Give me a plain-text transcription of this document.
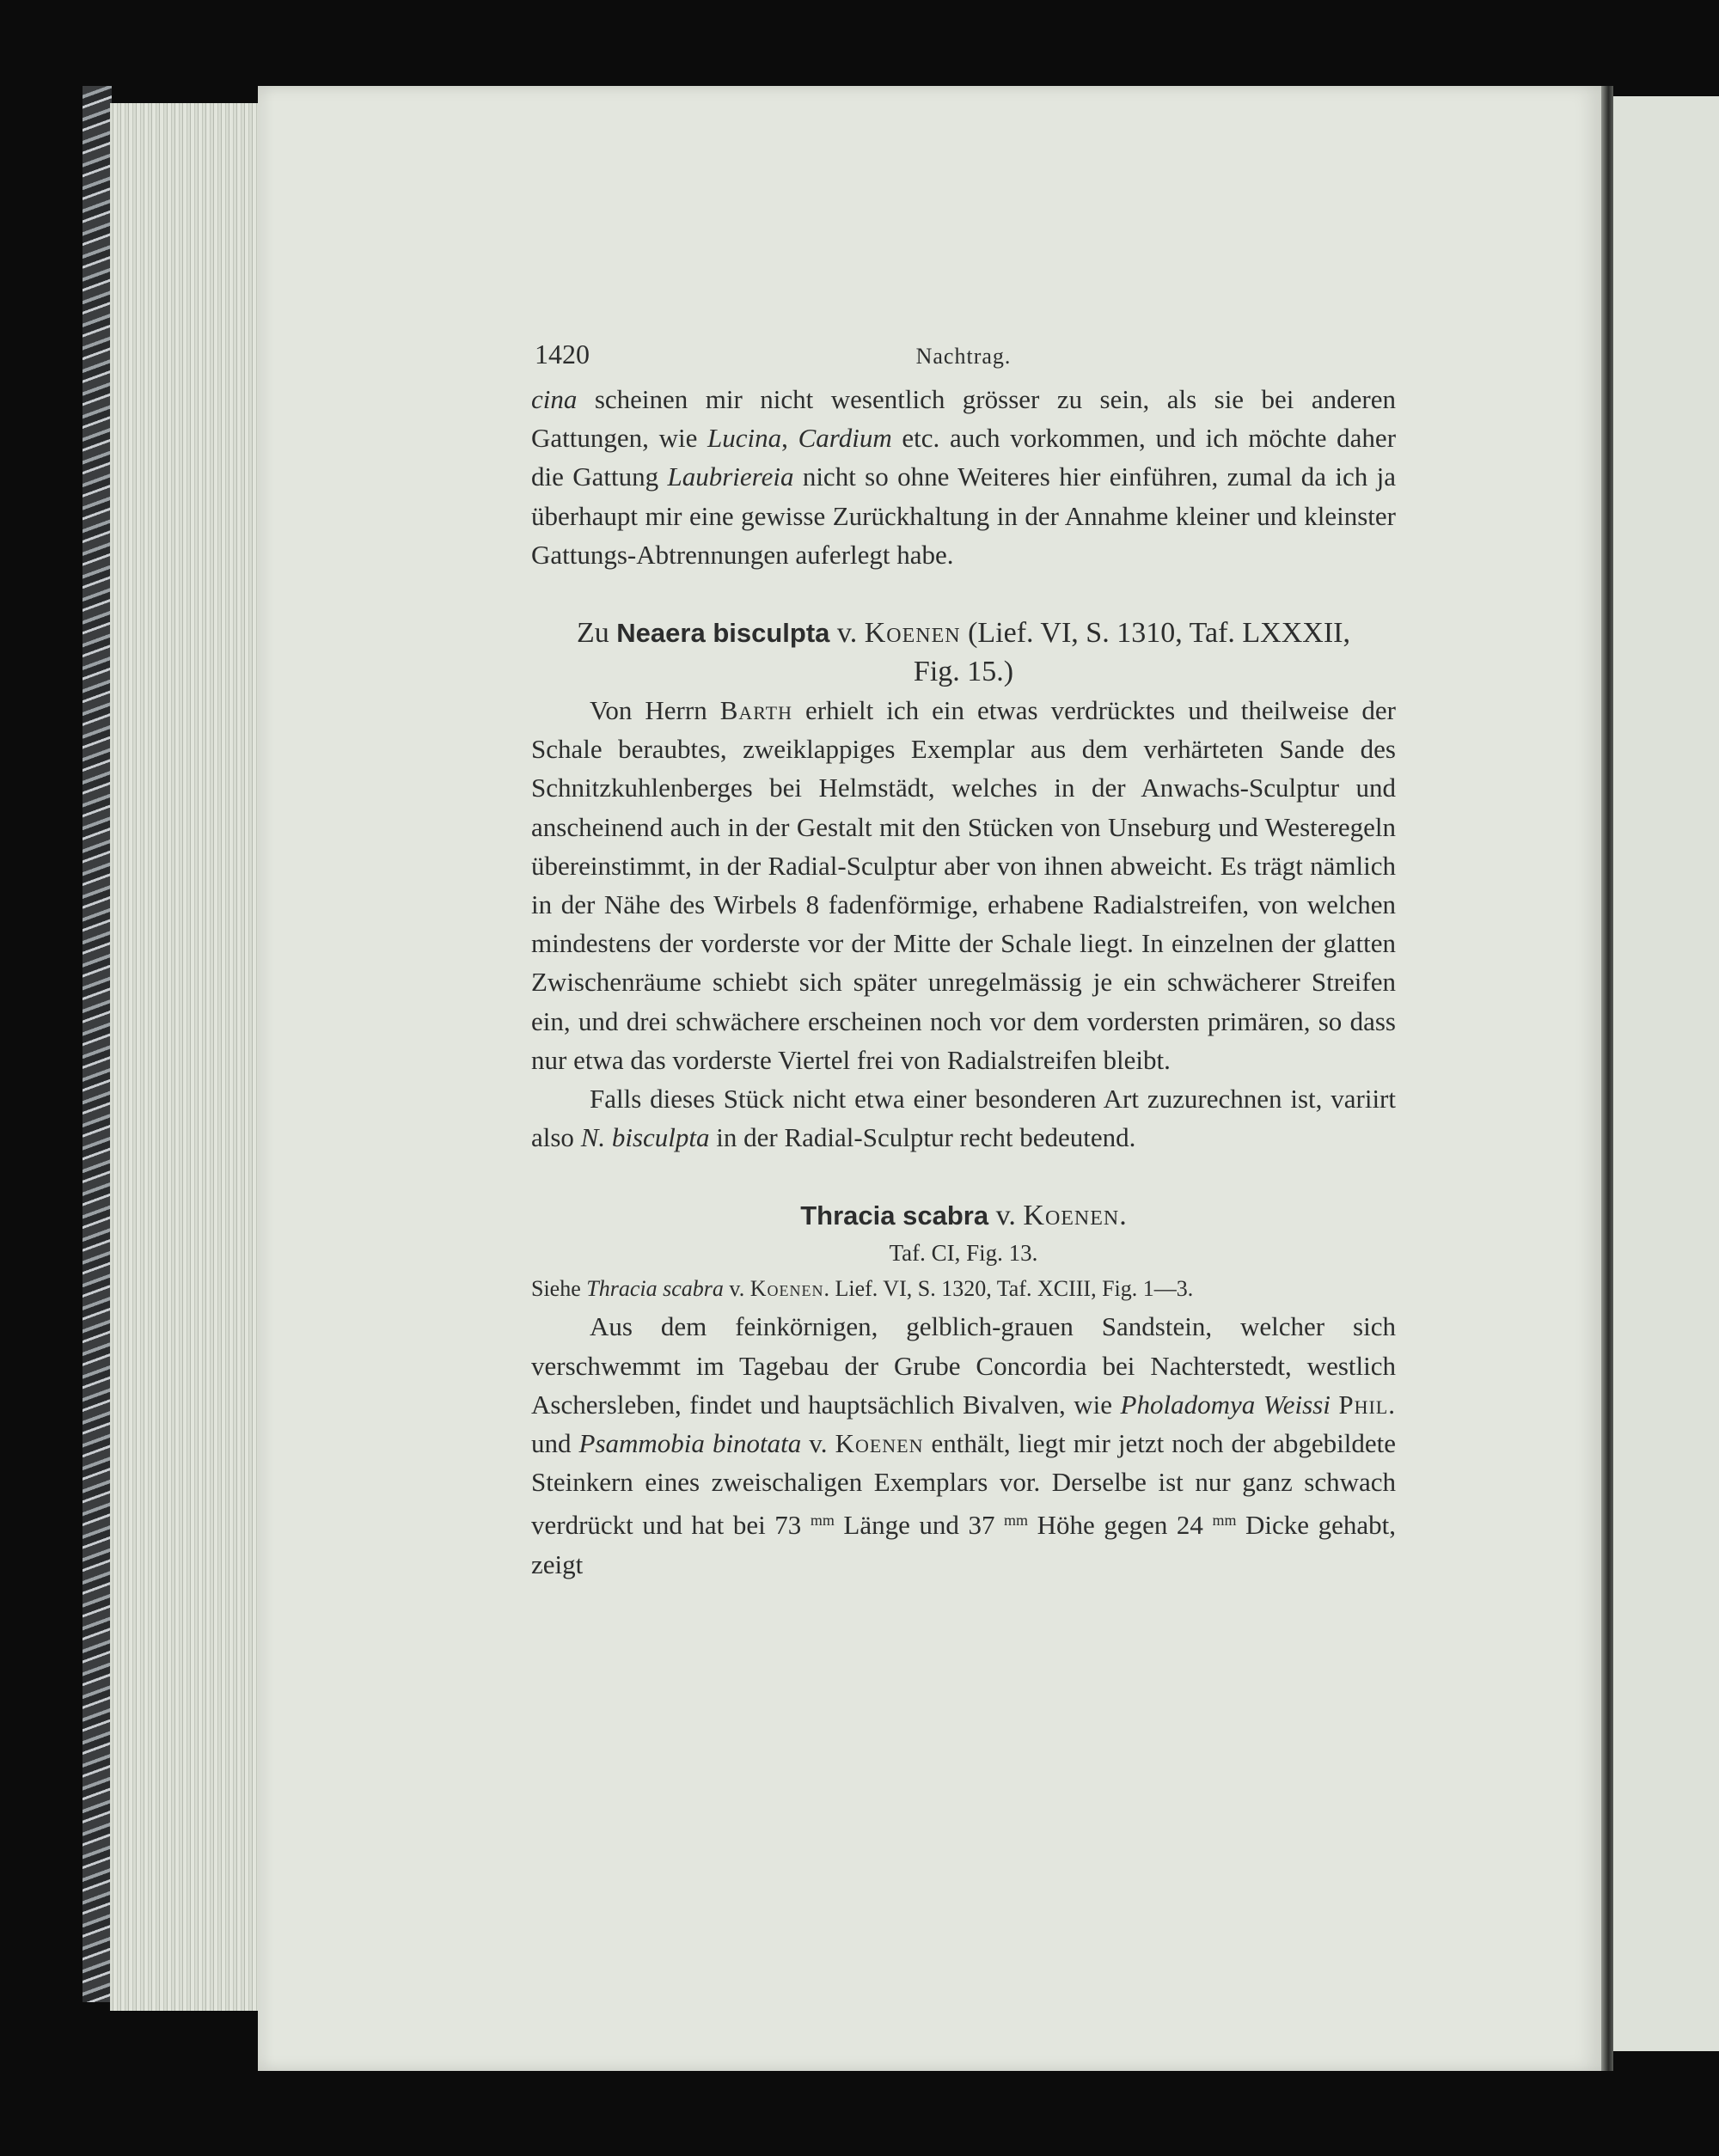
1420	Nachtrag.

cina scheinen mir nicht wesentlich grösser zu sein, als sie bei anderen Gattungen, wie Lucina, Cardium etc. auch vorkommen, und ich möchte daher die Gattung Laubriereia nicht so ohne Weiteres hier einführen, zumal da ich ja überhaupt mir eine gewisse Zurückhaltung in der Annahme kleiner und kleinster Gattungs-Abtrennungen auferlegt habe.

Zu Neaera bisculpta v. Koenen (Lief. VI, S. 1310, Taf. LXXXII,
Fig. 15.)

Von Herrn Barth erhielt ich ein etwas verdrücktes und theilweise der Schale beraubtes, zweiklappiges Exemplar aus dem verhärteten Sande des Schnitzkuhlenberges bei Helmstädt, welches in der Anwachs-Sculptur und anscheinend auch in der Gestalt mit den Stücken von Unseburg und Westeregeln übereinstimmt, in der Radial-Sculptur aber von ihnen abweicht. Es trägt nämlich in der Nähe des Wirbels 8 fadenförmige, erhabene Radialstreifen, von welchen mindestens der vorderste vor der Mitte der Schale liegt. In einzelnen der glatten Zwischenräume schiebt sich später unregelmässig je ein schwächerer Streifen ein, und drei schwächere erscheinen noch vor dem vordersten primären, so dass nur etwa das vorderste Viertel frei von Radialstreifen bleibt.

Falls dieses Stück nicht etwa einer besonderen Art zuzurechnen ist, variirt also N. bisculpta in der Radial-Sculptur recht bedeutend.

Thracia scabra v. Koenen.
Taf. CI, Fig. 13.
Siehe Thracia scabra v. Koenen. Lief. VI, S. 1320, Taf. XCIII, Fig. 1—3.

Aus dem feinkörnigen, gelblich-grauen Sandstein, welcher sich verschwemmt im Tagebau der Grube Concordia bei Nachterstedt, westlich Aschersleben, findet und hauptsächlich Bivalven, wie Pholadomya Weissi Phil. und Psammobia binotata v. Koenen enthält, liegt mir jetzt noch der abgebildete Steinkern eines zweischaligen Exemplars vor. Derselbe ist nur ganz schwach verdrückt und hat bei 73 $^{mm}$ Länge und 37 $^{mm}$ Höhe gegen 24 $^{mm}$ Dicke gehabt, zeigt
